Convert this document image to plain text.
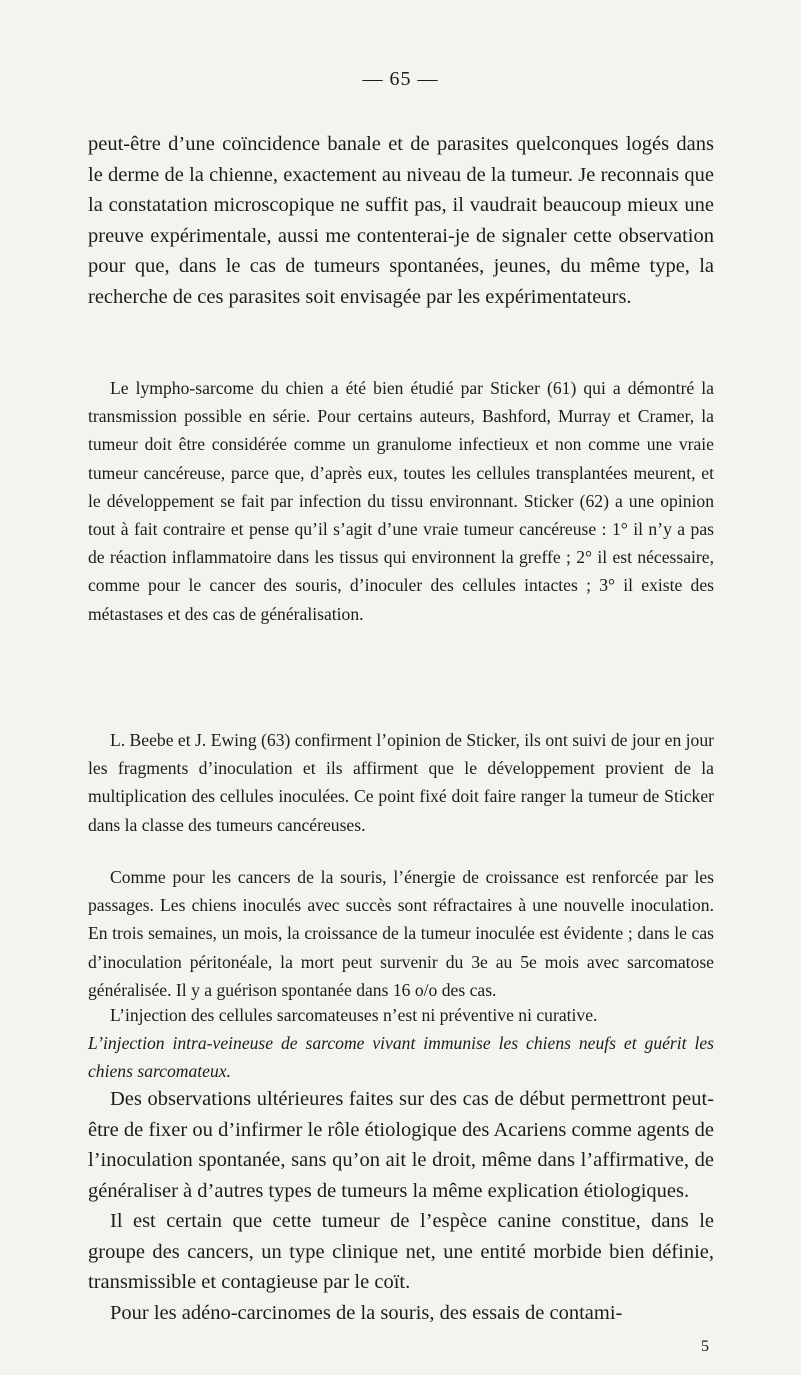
— 65 —

peut-être d’une coïncidence banale et de parasites quelconques logés dans le derme de la chienne, exactement au niveau de la tumeur. Je reconnais que la constatation microscopique ne suffit pas, il vaudrait beaucoup mieux une preuve expérimentale, aussi me contenterai-je de signaler cette observation pour que, dans le cas de tumeurs spontanées, jeunes, du même type, la recherche de ces parasites soit envisagée par les expérimentateurs.

Le lympho-sarcome du chien a été bien étudié par Sticker (61) qui a démontré la transmission possible en série. Pour certains auteurs, Bashford, Murray et Cramer, la tumeur doit être considérée comme un granulome infectieux et non comme une vraie tumeur cancéreuse, parce que, d’après eux, toutes les cellules transplantées meurent, et le développement se fait par infection du tissu environnant. Sticker (62) a une opinion tout à fait contraire et pense qu’il s’agit d’une vraie tumeur cancéreuse : 1° il n’y a pas de réaction inflammatoire dans les tissus qui environnent la greffe ; 2° il est nécessaire, comme pour le cancer des souris, d’inoculer des cellules intactes ; 3° il existe des métastases et des cas de généralisation.

L. Beebe et J. Ewing (63) confirment l’opinion de Sticker, ils ont suivi de jour en jour les fragments d’inoculation et ils affirment que le développement provient de la multiplication des cellules inoculées. Ce point fixé doit faire ranger la tumeur de Sticker dans la classe des tumeurs cancéreuses.

Comme pour les cancers de la souris, l’énergie de croissance est renforcée par les passages. Les chiens inoculés avec succès sont réfractaires à une nouvelle inoculation. En trois semaines, un mois, la croissance de la tumeur inoculée est évidente ; dans le cas d’inoculation péritonéale, la mort peut survenir du 3e au 5e mois avec sarcomatose généralisée. Il y a guérison spontanée dans 16 o/o des cas.

L’injection des cellules sarcomateuses n’est ni préventive ni curative.

L’injection intra-veineuse de sarcome vivant immunise les chiens neufs et guérit les chiens sarcomateux.

Des observations ultérieures faites sur des cas de début permettront peut-être de fixer ou d’infirmer le rôle étiologique des Acariens comme agents de l’inoculation spontanée, sans qu’on ait le droit, même dans l’affirmative, de généraliser à d’autres types de tumeurs la même explication étiologiques.

Il est certain que cette tumeur de l’espèce canine constitue, dans le groupe des cancers, un type clinique net, une entité morbide bien définie, transmissible et contagieuse par le coït.

Pour les adéno-carcinomes de la souris, des essais de contami-

5
